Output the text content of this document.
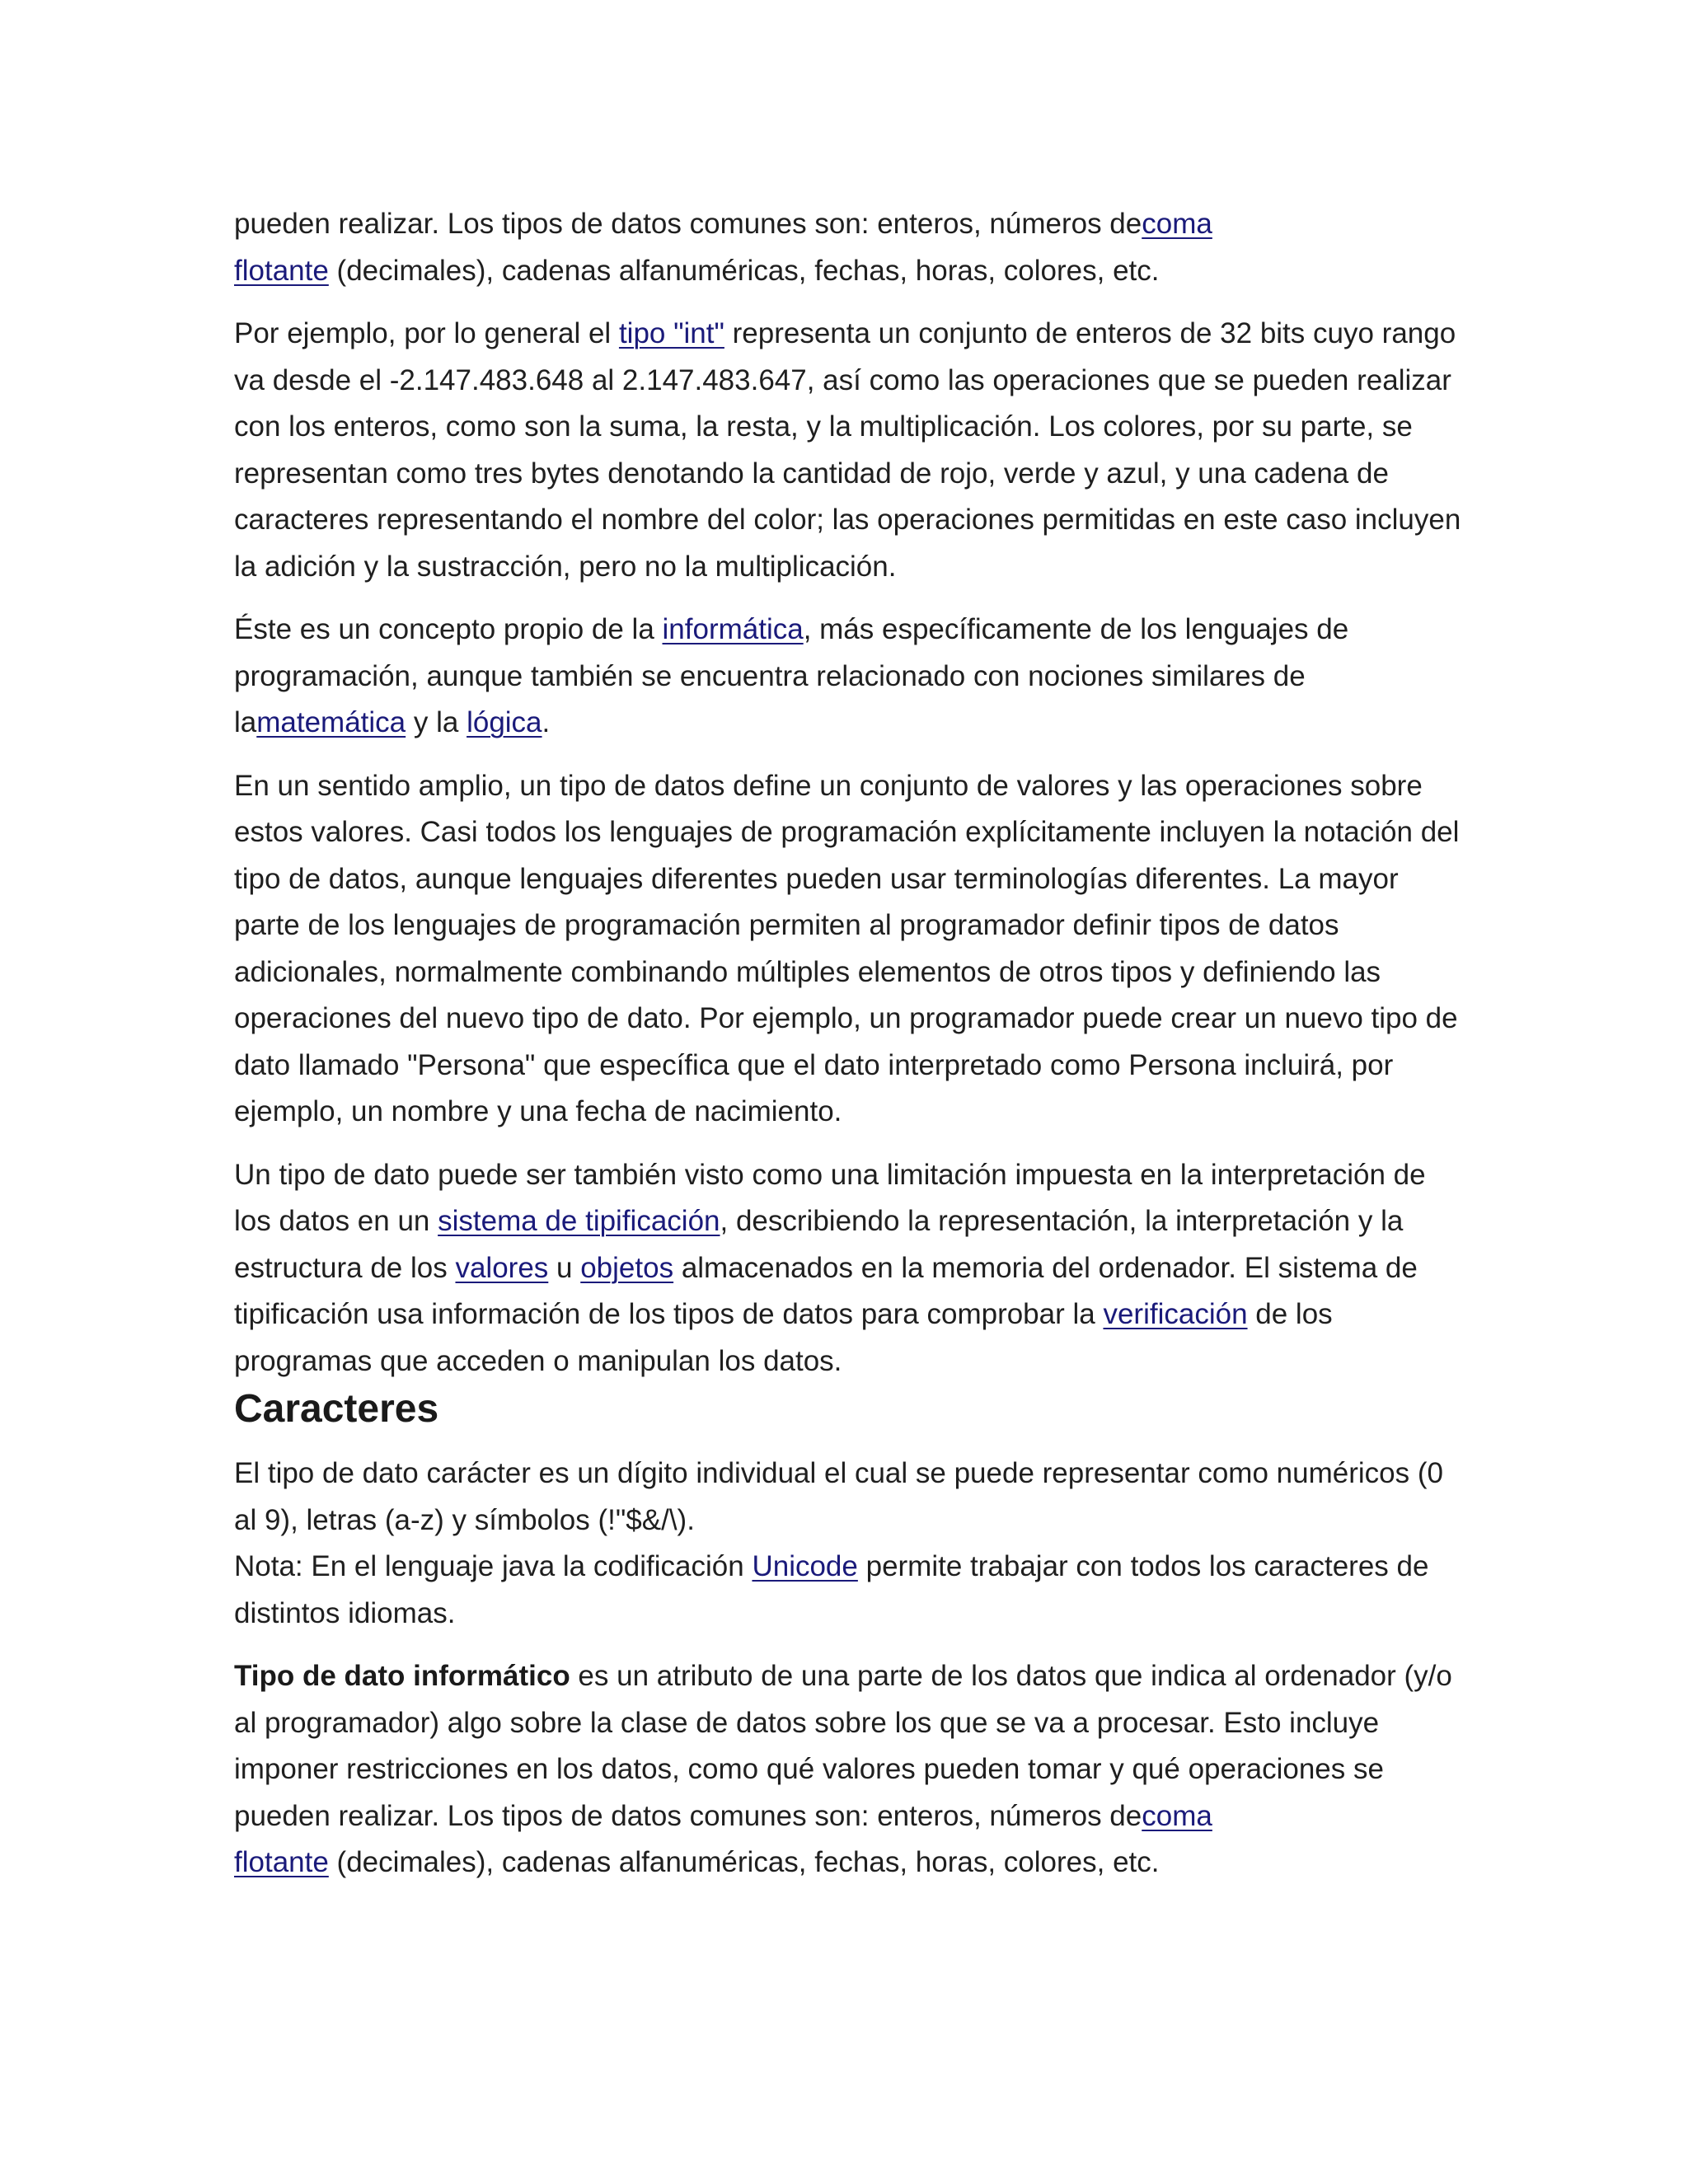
pueden realizar. Los tipos de datos comunes son: enteros, números decoma
flotante (decimales), cadenas alfanuméricas, fechas, horas, colores, etc.

Por ejemplo, por lo general el tipo "int" representa un conjunto de enteros de 32 bits cuyo rango va desde el -2.147.483.648 al 2.147.483.647, así como las operaciones que se pueden realizar con los enteros, como son la suma, la resta, y la multiplicación. Los colores, por su parte, se representan como tres bytes denotando la cantidad de rojo, verde y azul, y una cadena de caracteres representando el nombre del color; las operaciones permitidas en este caso incluyen la adición y la sustracción, pero no la multiplicación.

Éste es un concepto propio de la informática, más específicamente de los lenguajes de programación, aunque también se encuentra relacionado con nociones similares de lamatemática y la lógica.

En un sentido amplio, un tipo de datos define un conjunto de valores y las operaciones sobre estos valores. Casi todos los lenguajes de programación explícitamente incluyen la notación del tipo de datos, aunque lenguajes diferentes pueden usar terminologías diferentes. La mayor parte de los lenguajes de programación permiten al programador definir tipos de datos adicionales, normalmente combinando múltiples elementos de otros tipos y definiendo las operaciones del nuevo tipo de dato. Por ejemplo, un programador puede crear un nuevo tipo de dato llamado "Persona" que específica que el dato interpretado como Persona incluirá, por ejemplo, un nombre y una fecha de nacimiento.

Un tipo de dato puede ser también visto como una limitación impuesta en la interpretación de los datos en un sistema de tipificación, describiendo la representación, la interpretación y la estructura de los valores u objetos almacenados en la memoria del ordenador. El sistema de tipificación usa información de los tipos de datos para comprobar la verificación de los programas que acceden o manipulan los datos.

Caracteres

El tipo de dato carácter es un dígito individual el cual se puede representar como numéricos (0 al 9), letras (a-z) y símbolos (!"$&/\).

Nota: En el lenguaje java la codificación Unicode permite trabajar con todos los caracteres de distintos idiomas.

Tipo de dato informático es un atributo de una parte de los datos que indica al ordenador (y/o al programador) algo sobre la clase de datos sobre los que se va a procesar. Esto incluye imponer restricciones en los datos, como qué valores pueden tomar y qué operaciones se pueden realizar. Los tipos de datos comunes son: enteros, números decoma
flotante (decimales), cadenas alfanuméricas, fechas, horas, colores, etc.
